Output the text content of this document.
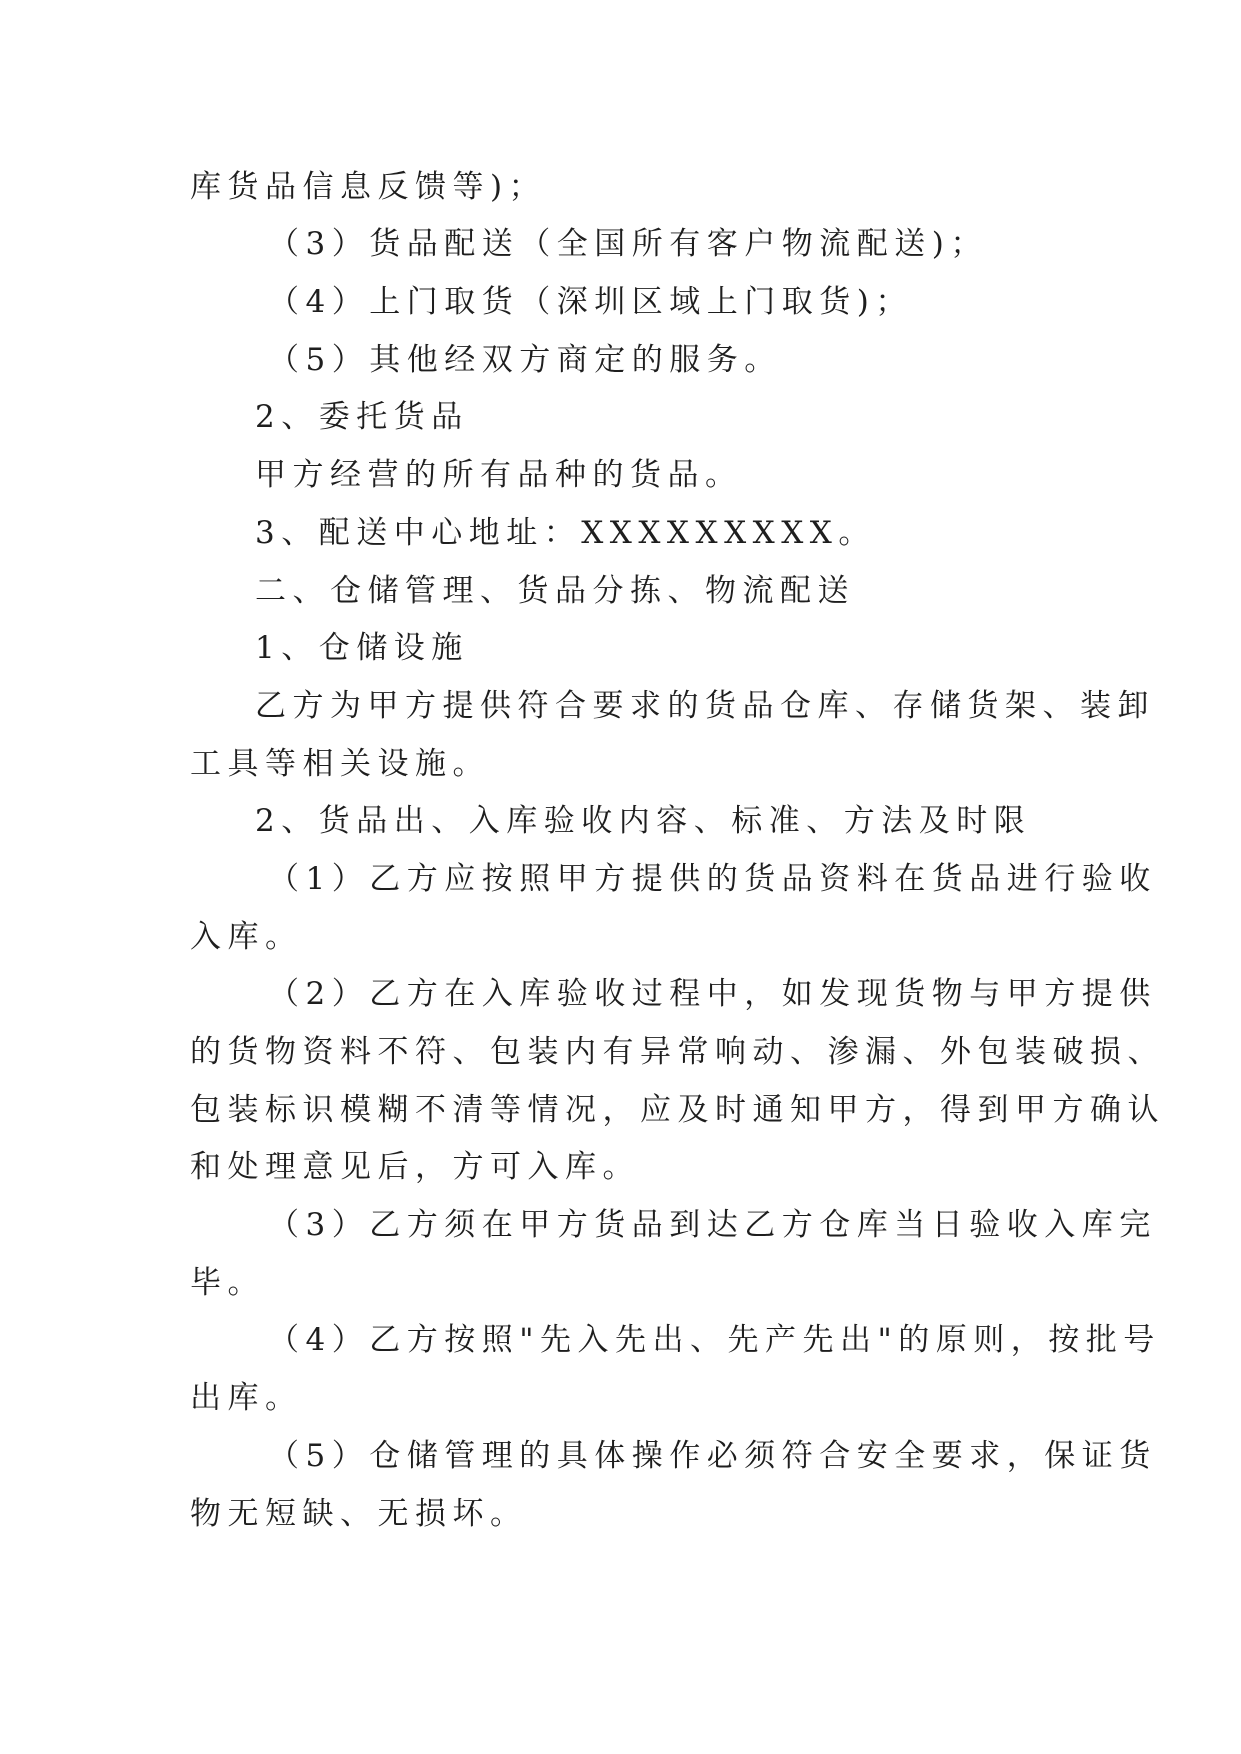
库货品信息反馈等)；
（3）货品配送（全国所有客户物流配送)；
（4）上门取货（深圳区域上门取货)；
（5）其他经双方商定的服务。
2、委托货品
甲方经营的所有品种的货品。
3、配送中心地址：XXXXXXXXX。
二、仓储管理、货品分拣、物流配送
1、仓储设施
乙方为甲方提供符合要求的货品仓库、存储货架、装卸
工具等相关设施。
2、货品出、入库验收内容、标准、方法及时限
（1）乙方应按照甲方提供的货品资料在货品进行验收
入库。
（2）乙方在入库验收过程中，如发现货物与甲方提供
的货物资料不符、包装内有异常响动、渗漏、外包装破损、
包装标识模糊不清等情况，应及时通知甲方，得到甲方确认
和处理意见后，方可入库。
（3）乙方须在甲方货品到达乙方仓库当日验收入库完
毕。
（4）乙方按照"先入先出、先产先出"的原则，按批号
出库。
（5）仓储管理的具体操作必须符合安全要求，保证货
物无短缺、无损坏。
